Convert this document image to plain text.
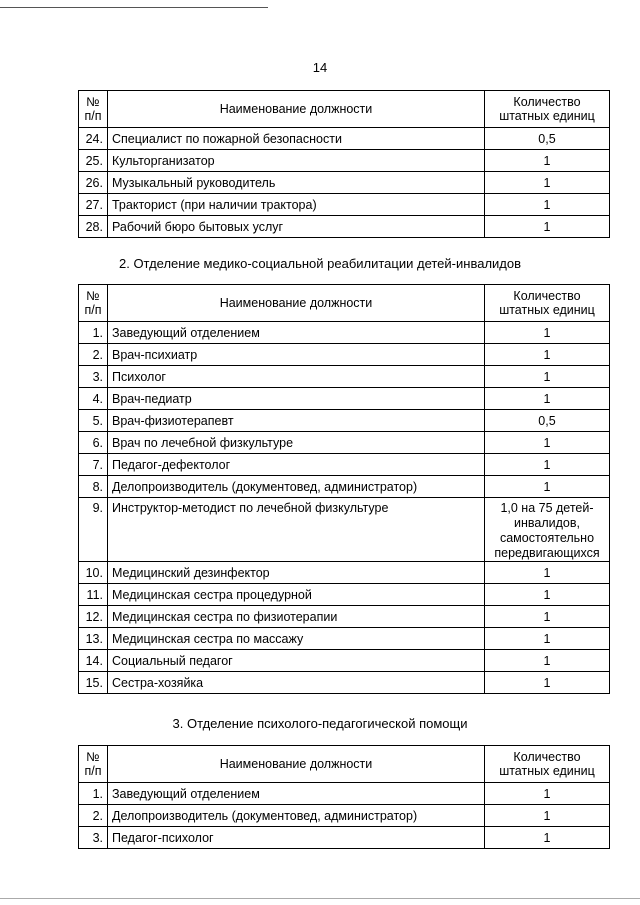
14
№ п/п	Наименование должности	Количество штатных единиц
24.	Специалист по пожарной безопасности	0,5
25.	Культорганизатор	1
26.	Музыкальный руководитель	1
27.	Тракторист (при наличии трактора)	1
28.	Рабочий бюро бытовых услуг	1
2. Отделение медико-социальной реабилитации детей-инвалидов
№ п/п	Наименование должности	Количество штатных единиц
1.	Заведующий отделением	1
2.	Врач-психиатр	1
3.	Психолог	1
4.	Врач-педиатр	1
5.	Врач-физиотерапевт	0,5
6.	Врач по лечебной физкультуре	1
7.	Педагог-дефектолог	1
8.	Делопроизводитель (документовед, администратор)	1
9.	Инструктор-методист по лечебной физкультуре	1,0 на 75 детей-инвалидов, самостоятельно передвигающихся
10.	Медицинский дезинфектор	1
11.	Медицинская сестра процедурной	1
12.	Медицинская сестра по физиотерапии	1
13.	Медицинская сестра по массажу	1
14.	Социальный педагог	1
15.	Сестра-хозяйка	1
3. Отделение психолого-педагогической помощи
№ п/п	Наименование должности	Количество штатных единиц
1.	Заведующий отделением	1
2.	Делопроизводитель (документовед, администратор)	1
3.	Педагог-психолог	1
